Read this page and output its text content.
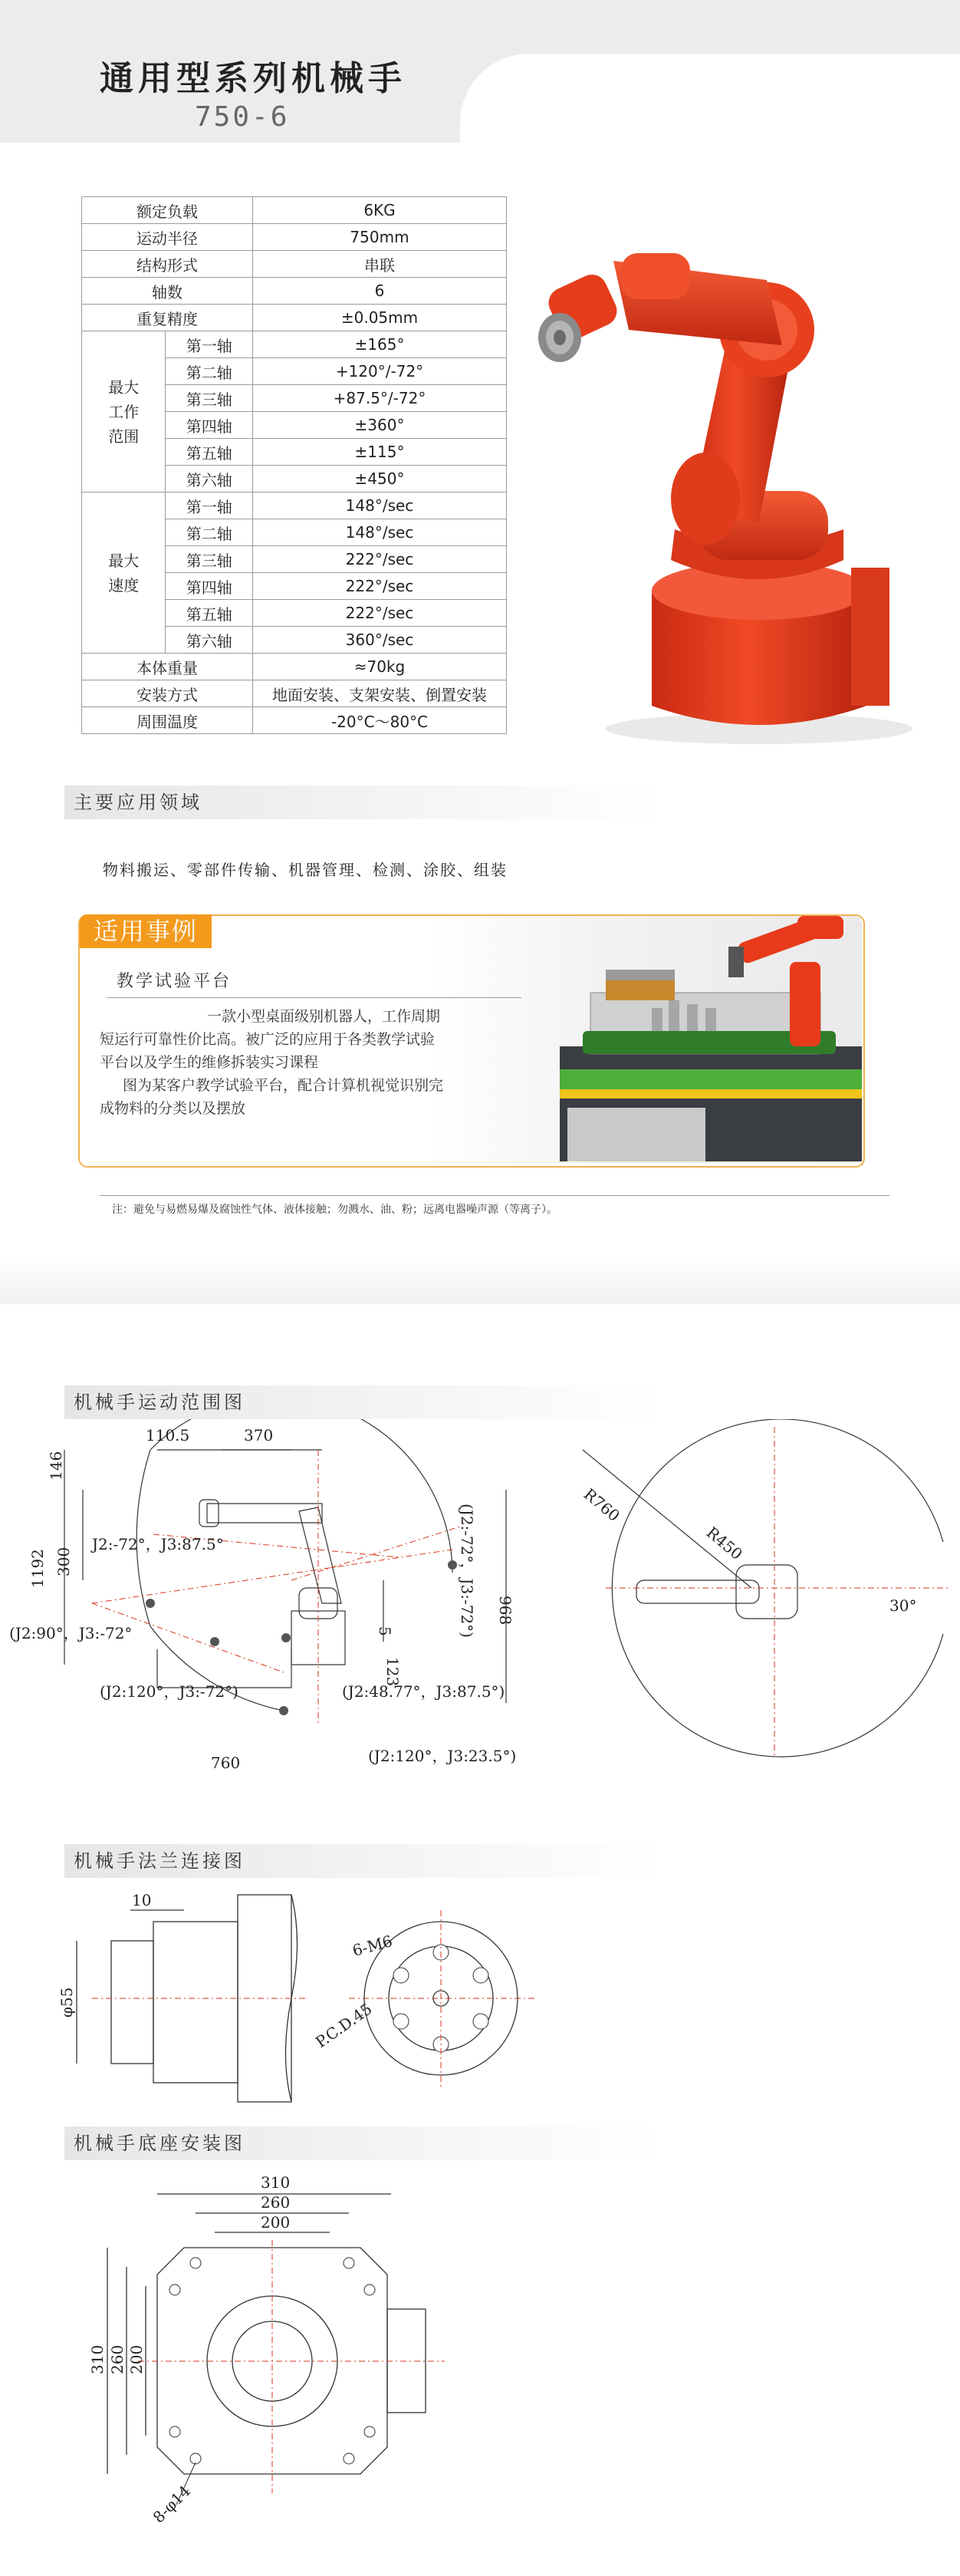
通用型系列机械手
750-6
额定负载		6KG
运动半径		750mm
结构形式		串联
轴数		6
重复精度		±0.05mm
最大
工作
范围	第一轴	±165°
	第二轴	+120°/-72°
	第三轴	+87.5°/-72°
	第四轴	±360°
	第五轴	±115°
	第六轴	±450°
最大
速度	第一轴	148°/sec
	第二轴	148°/sec
	第三轴	222°/sec
	第四轴	222°/sec
	第五轴	222°/sec
	第六轴	360°/sec
本体重量		≈70kg
安装方式		地面安装、支架安装、倒置安装
周围温度		-20°C～80°C
主要应用领域
物料搬运、零部件传输、机器管理、检测、涂胶、组装
适用事例
教学试验平台

一款小型桌面级别机器人，工作周期

短运行可靠性价比高。被广泛的应用于各类教学试验

平台以及学生的维修拆装实习课程

图为某客户教学试验平台，配合计算机视觉识别完

成物料的分类以及摆放

注：避免与易燃易爆及腐蚀性气体、液体接触；勿溅水、油、粉；远离电器噪声源（等离子）。
机械手运动范围图
110.5	370
146
300
1192
968
J2:-72°，J3:87.5°
(J2:90°，J3:-72°
(J2:120°，J3:-72°)	(J2:48.77°，J3:87.5°)
(J2:120°，J3:23.5°)
(J2:-72°，J3:-72°)
760
5
123
R760
R450
30°
机械手法兰连接图
10
φ55
6-M6
P.C.D.45
机械手底座安装图
310
260
200
310 260 200
8-φ14
